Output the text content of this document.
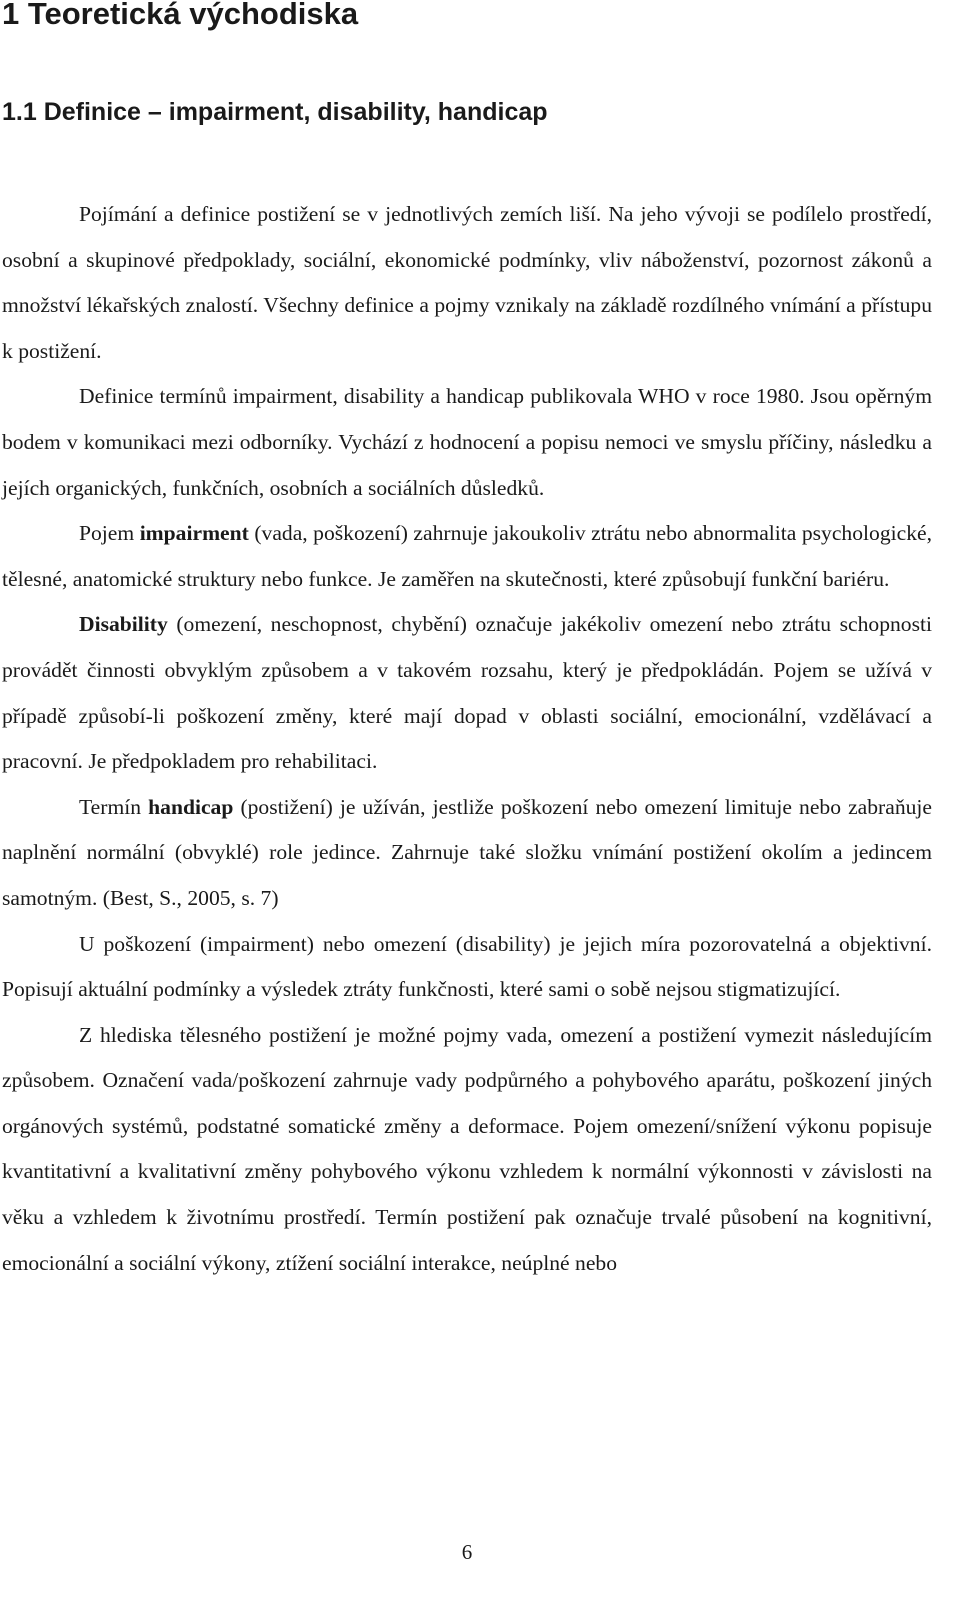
1 Teoretická východiska
1.1 Definice – impairment, disability, handicap

Pojímání a definice postižení se v jednotlivých zemích liší. Na jeho vývoji se podílelo prostředí, osobní a skupinové předpoklady, sociální, ekonomické podmínky, vliv náboženství, pozornost zákonů a množství lékařských znalostí. Všechny definice a pojmy vznikaly na základě rozdílného vnímání a přístupu k postižení.

Definice termínů impairment, disability a handicap publikovala WHO v roce 1980. Jsou opěrným bodem v komunikaci mezi odborníky. Vychází z hodnocení a popisu nemoci ve smyslu příčiny, následku a jejích organických, funkčních, osobních a sociálních důsledků.

Pojem impairment (vada, poškození) zahrnuje jakoukoliv ztrátu nebo abnormalita psychologické, tělesné, anatomické struktury nebo funkce. Je zaměřen na skutečnosti, které způsobují funkční bariéru.

Disability (omezení, neschopnost, chybění) označuje jakékoliv omezení nebo ztrátu schopnosti provádět činnosti obvyklým způsobem a v takovém rozsahu, který je předpokládán. Pojem se užívá v případě způsobí-li poškození změny, které mají dopad v oblasti sociální, emocionální, vzdělávací a pracovní. Je předpokladem pro rehabilitaci.

Termín handicap (postižení) je užíván, jestliže poškození nebo omezení limituje nebo zabraňuje naplnění normální (obvyklé) role jedince. Zahrnuje také složku vnímání postižení okolím a jedincem samotným. (Best, S., 2005, s. 7)

U poškození (impairment) nebo omezení (disability) je jejich míra pozorovatelná a objektivní. Popisují aktuální podmínky a výsledek ztráty funkčnosti, které sami o sobě nejsou stigmatizující.

Z hlediska tělesného postižení je možné pojmy vada, omezení a postižení vymezit následujícím způsobem. Označení vada/poškození zahrnuje vady podpůrného a pohybového aparátu, poškození jiných orgánových systémů, podstatné somatické změny a deformace. Pojem omezení/snížení výkonu popisuje kvantitativní a kvalitativní změny pohybového výkonu vzhledem k normální výkonnosti v závislosti na věku a vzhledem k životnímu prostředí. Termín postižení pak označuje trvalé působení na kognitivní, emocionální a sociální výkony, ztížení sociální interakce, neúplné nebo

6
